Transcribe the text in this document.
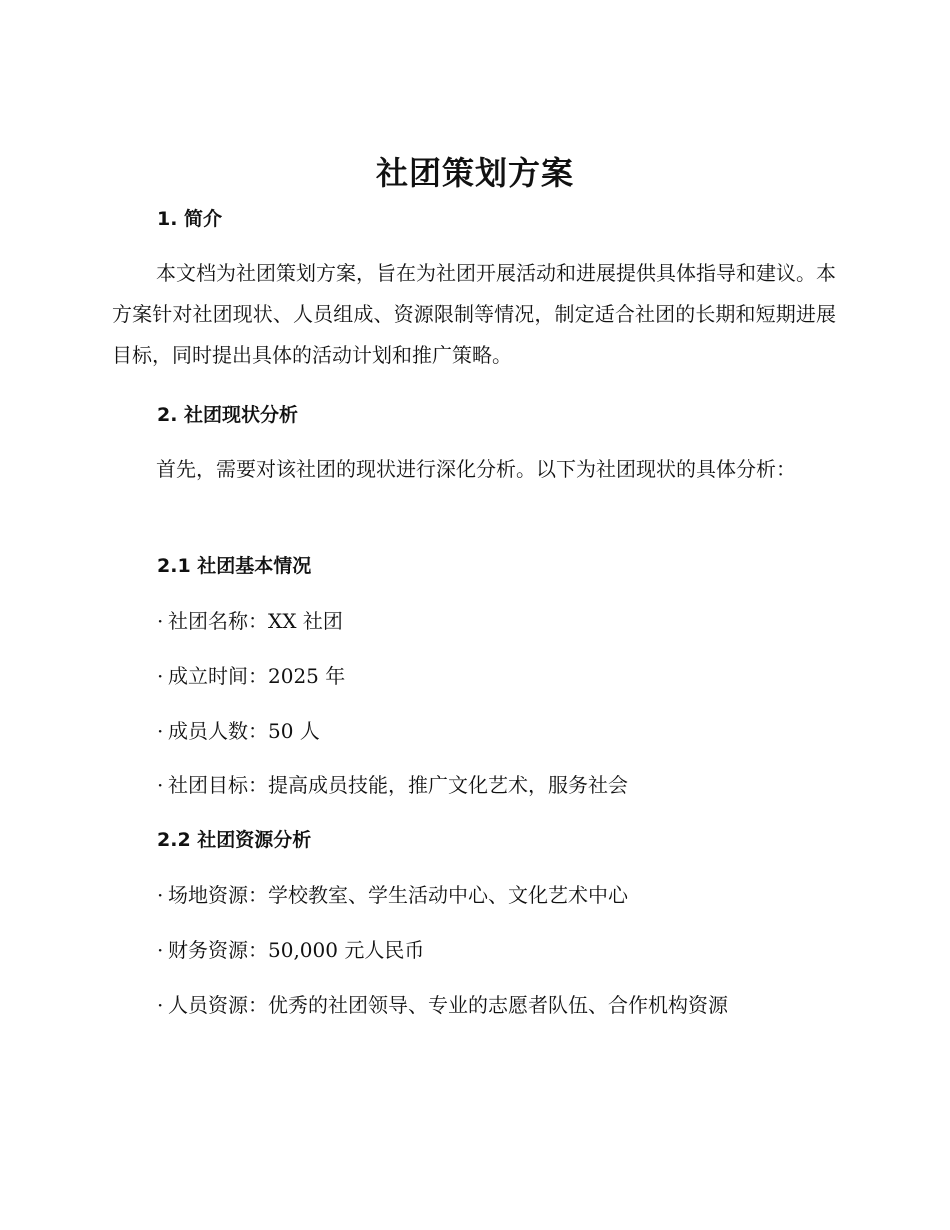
社团策划方案
1. 简介

本文档为社团策划方案，旨在为社团开展活动和进展提供具体指导和建议。本方案针对社团现状、人员组成、资源限制等情况，制定适合社团的长期和短期进展目标，同时提出具体的活动计划和推广策略。

2. 社团现状分析

首先，需要对该社团的现状进行深化分析。以下为社团现状的具体分析：

2.1 社团基本情况
· 社团名称：XX 社团
· 成立时间：2025 年
· 成员人数：50 人
· 社团目标：提高成员技能，推广文化艺术，服务社会
2.2 社团资源分析
· 场地资源：学校教室、学生活动中心、文化艺术中心
· 财务资源：50,000 元人民币
· 人员资源：优秀的社团领导、专业的志愿者队伍、合作机构资源
